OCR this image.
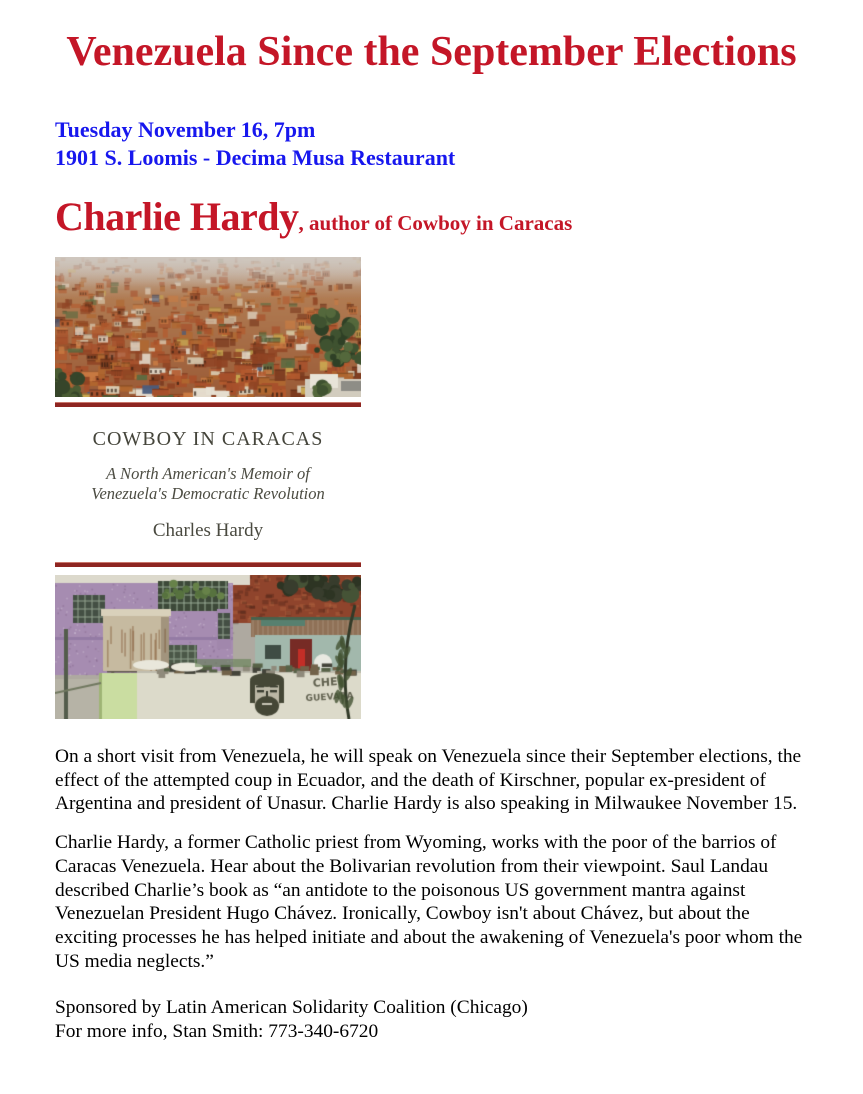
Venezuela Since the September Elections
Tuesday November 16, 7pm
1901 S. Loomis - Decima Musa Restaurant
Charlie Hardy, author of Cowboy in Caracas
COWBOY IN CARACAS
A North American's Memoir of
Venezuela's Democratic Revolution
Charles Hardy

On a short visit from Venezuela, he will speak on Venezuela since their September elections, the effect of the attempted coup in Ecuador, and the death of Kirschner, popular ex-president of Argentina and president of Unasur. Charlie Hardy is also speaking in Milwaukee November 15.

Charlie Hardy, a former Catholic priest from Wyoming, works with the poor of the barrios of Caracas Venezuela. Hear about the Bolivarian revolution from their viewpoint. Saul Landau described Charlie’s book as “an antidote to the poisonous US government mantra against Venezuelan President Hugo Chávez. Ironically, Cowboy isn't about Chávez, but about the exciting processes he has helped initiate and about the awakening of Venezuela's poor whom the US media neglects.”

Sponsored by Latin American Solidarity Coalition (Chicago)
For more info, Stan Smith: 773-340-6720
